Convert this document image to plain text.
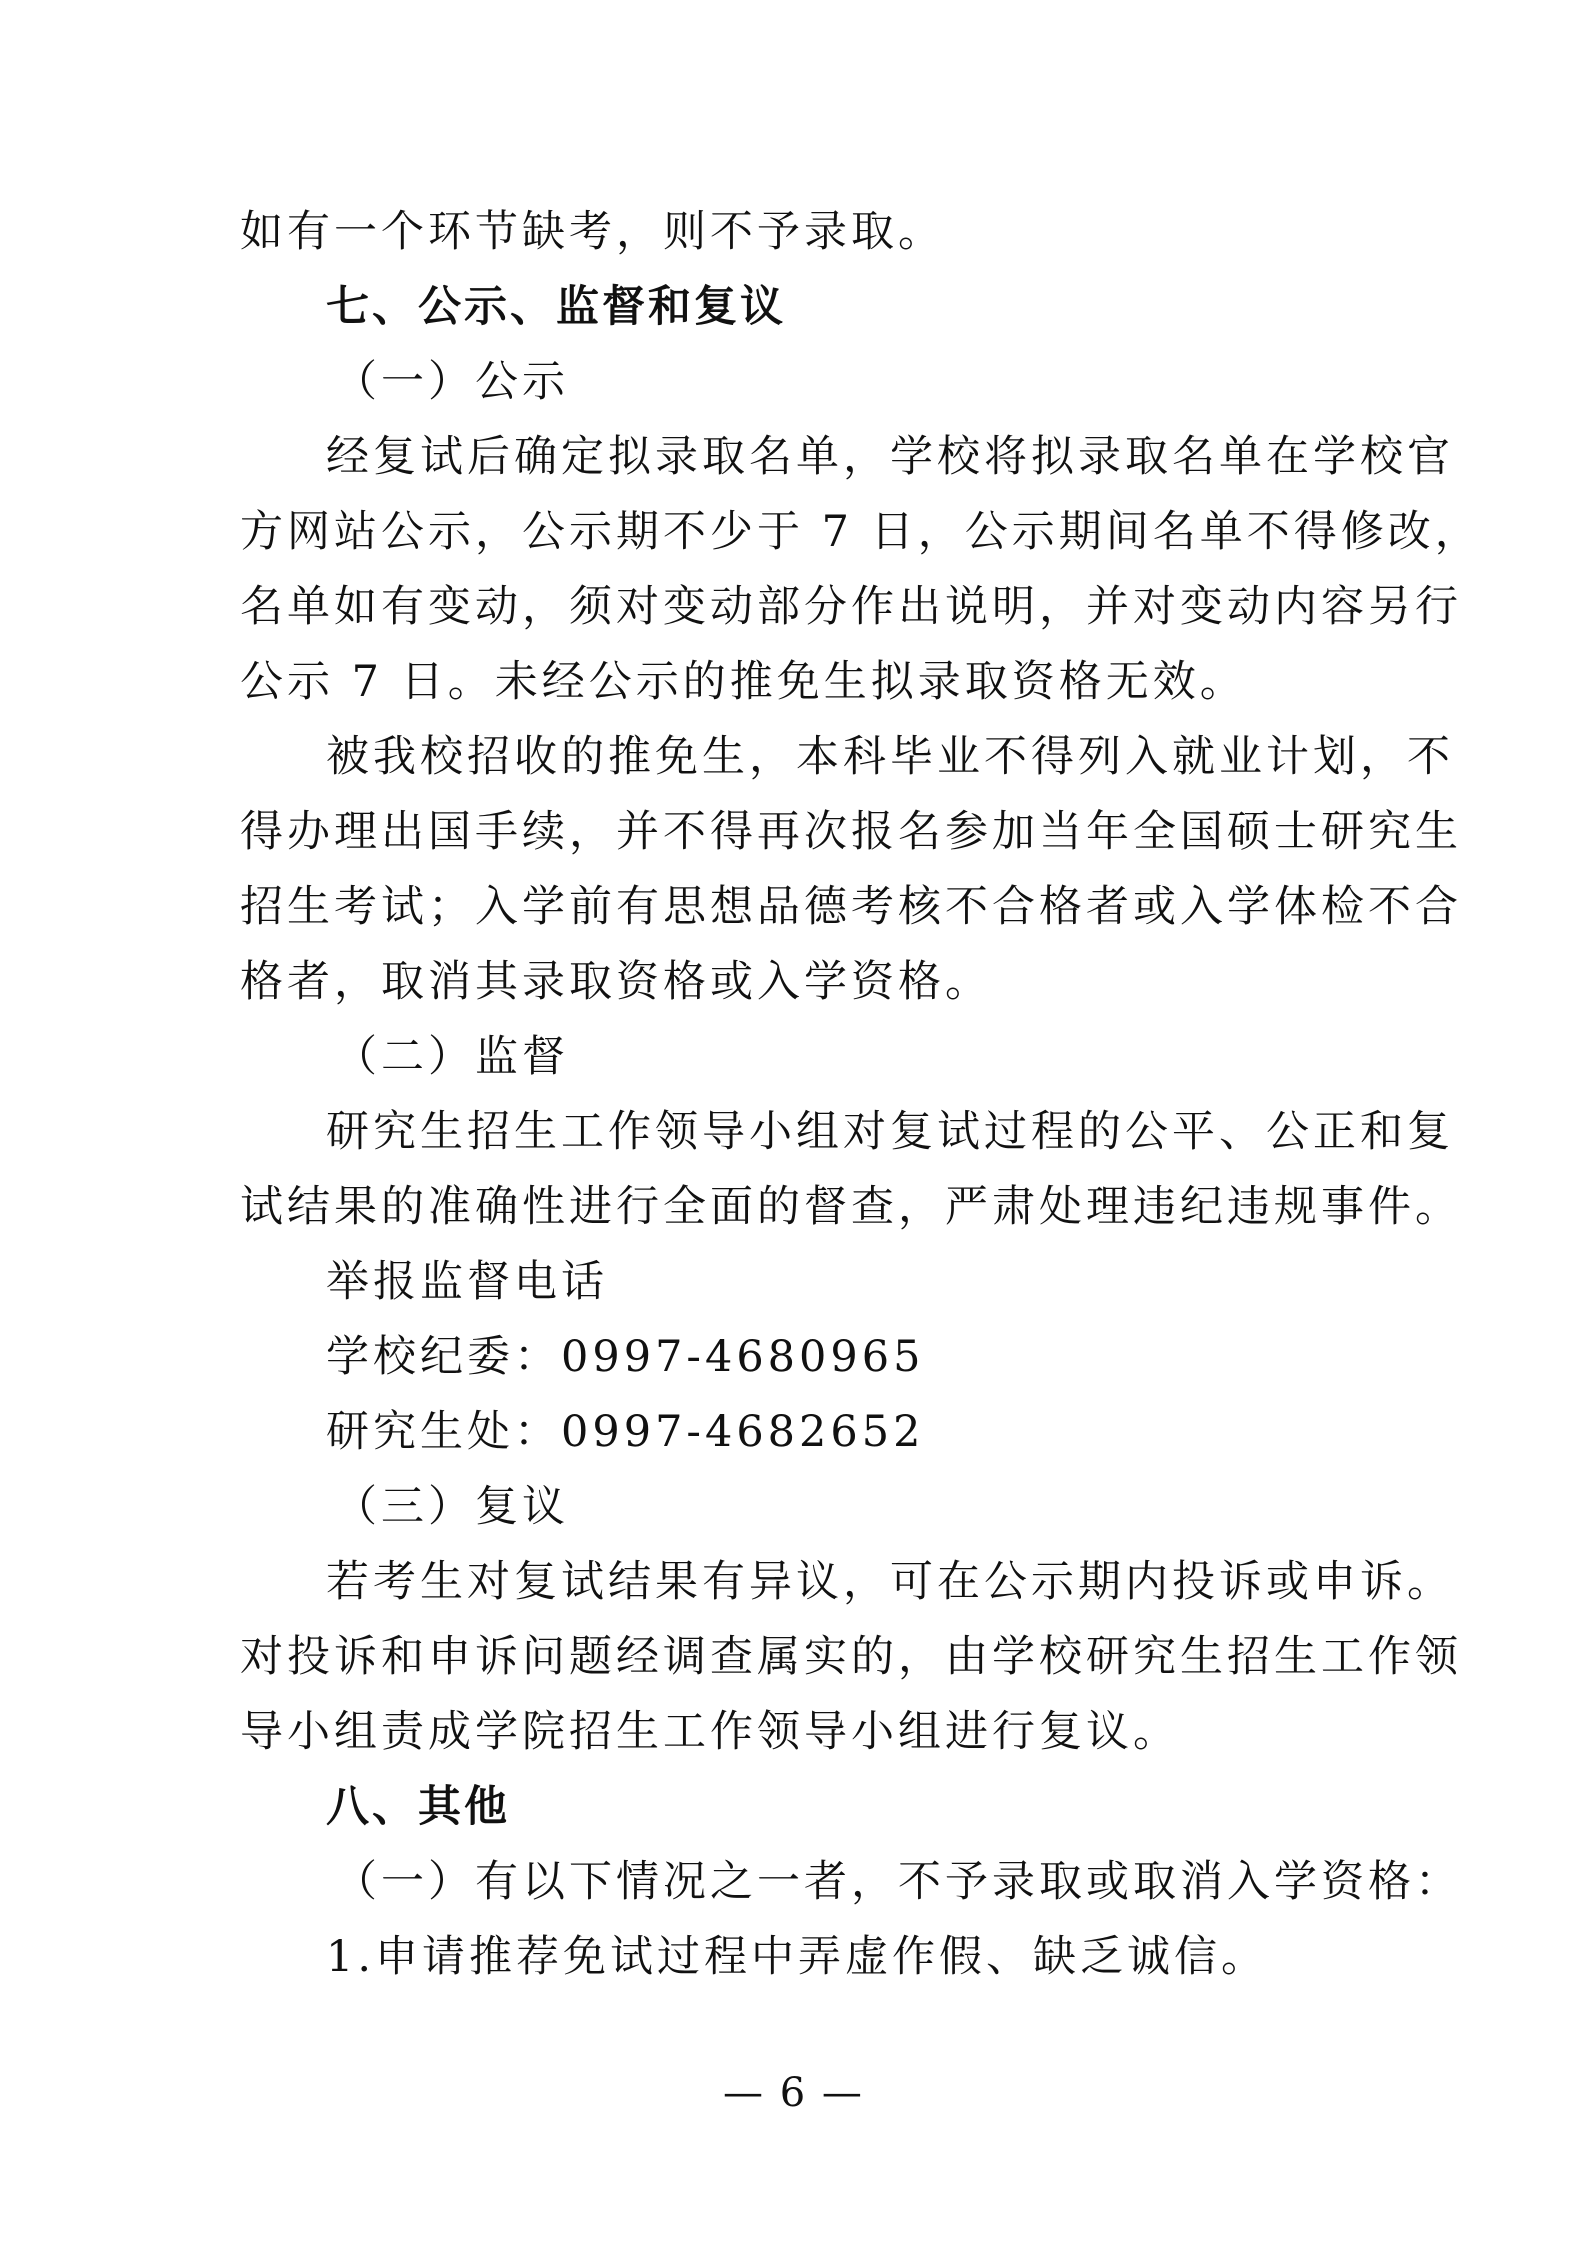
如有一个环节缺考，则不予录取。
七、公示、监督和复议
（一）公示
经复试后确定拟录取名单，学校将拟录取名单在学校官
方网站公示，公示期不少于 7 日，公示期间名单不得修改，
名单如有变动，须对变动部分作出说明，并对变动内容另行
公示 7 日。未经公示的推免生拟录取资格无效。
被我校招收的推免生，本科毕业不得列入就业计划，不
得办理出国手续，并不得再次报名参加当年全国硕士研究生
招生考试；入学前有思想品德考核不合格者或入学体检不合
格者，取消其录取资格或入学资格。
（二）监督
研究生招生工作领导小组对复试过程的公平、公正和复
试结果的准确性进行全面的督查，严肃处理违纪违规事件。
举报监督电话
学校纪委：0997-4680965
研究生处：0997-4682652
（三）复议
若考生对复试结果有异议，可在公示期内投诉或申诉。
对投诉和申诉问题经调查属实的，由学校研究生招生工作领
导小组责成学院招生工作领导小组进行复议。
八、其他
（一）有以下情况之一者，不予录取或取消入学资格：
1.申请推荐免试过程中弄虚作假、缺乏诚信。
— 6 —
